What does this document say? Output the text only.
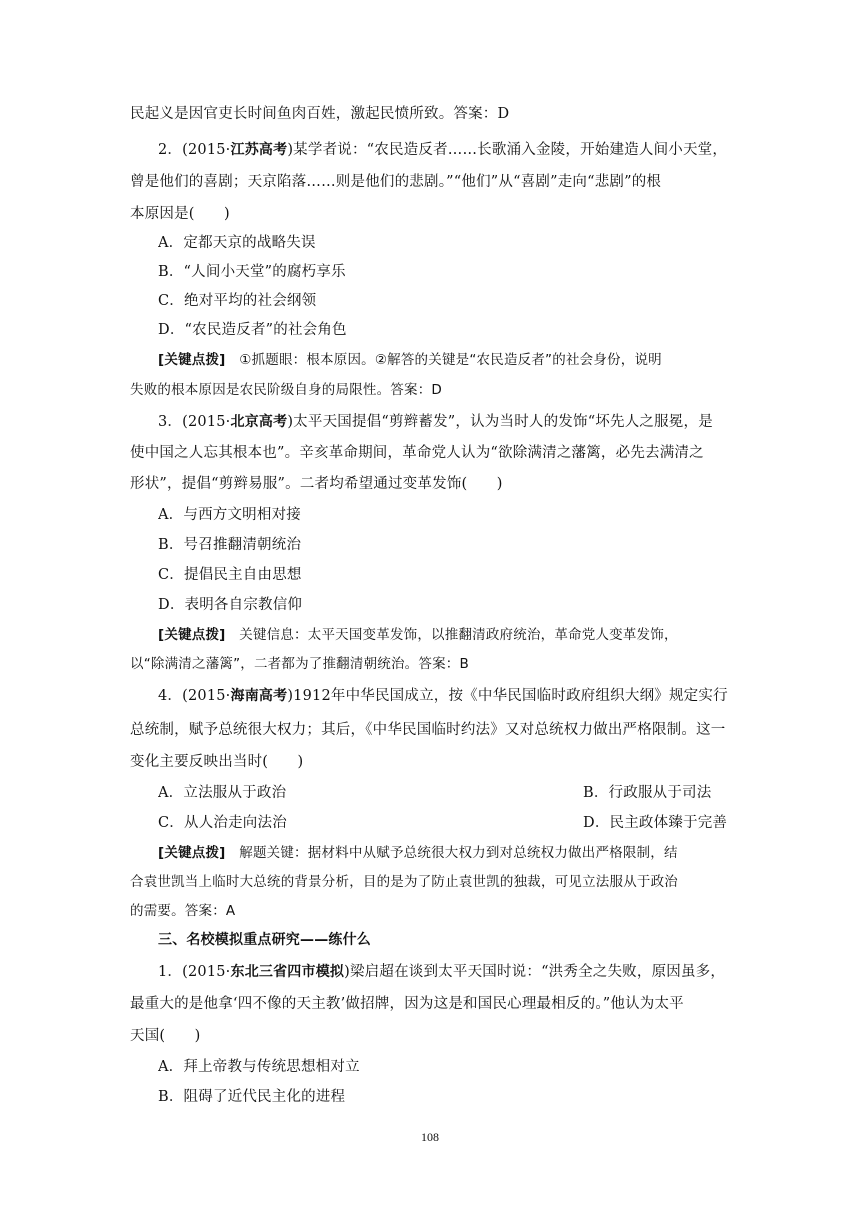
民起义是因官吏长时间鱼肉百姓，激起民愤所致。答案：D
2．(2015·江苏高考)某学者说：“农民造反者……长歌涌入金陵，开始建造人间小天堂，
曾是他们的喜剧；天京陷落……则是他们的悲剧。”“他们”从“喜剧”走向“悲剧”的根
本原因是(　　)
A．定都天京的战略失误
B．“人间小天堂”的腐朽享乐
C．绝对平均的社会纲领
D．“农民造反者”的社会角色
[关键点拨]　 ①抓题眼：根本原因。②解答的关键是“农民造反者”的社会身份，说明
失败的根本原因是农民阶级自身的局限性。答案：D
3．(2015·北京高考)太平天国提倡“剪辫蓄发”，认为当时人的发饰“坏先人之服冕，是
使中国之人忘其根本也”。辛亥革命期间，革命党人认为“欲除满清之藩篱，必先去满清之
形状”，提倡“剪辫易服”。二者均希望通过变革发饰(　　)
A．与西方文明相对接
B．号召推翻清朝统治
C．提倡民主自由思想
D．表明各自宗教信仰
[关键点拨]　 关键信息：太平天国变革发饰，以推翻清政府统治，革命党人变革发饰，
以“除满清之藩篱”，二者都为了推翻清朝统治。答案：B
4．(2015·海南高考)1912年中华民国成立，按《中华民国临时政府组织大纲》规定实行
总统制，赋予总统很大权力；其后，《中华民国临时约法》又对总统权力做出严格限制。这一
变化主要反映出当时(　　)
A．立法服从于政治	B．行政服从于司法
C．从人治走向法治	D．民主政体臻于完善
[关键点拨]　 解题关键：据材料中从赋予总统很大权力到对总统权力做出严格限制，结
合袁世凯当上临时大总统的背景分析，目的是为了防止袁世凯的独裁，可见立法服从于政治
的需要。答案：A
三、名校模拟重点研究——练什么
1．(2015·东北三省四市模拟)梁启超在谈到太平天国时说：“洪秀全之失败，原因虽多，
最重大的是他拿‘四不像的天主教’做招牌，因为这是和国民心理最相反的。”他认为太平
天国(　　)
A．拜上帝教与传统思想相对立
B．阻碍了近代民主化的进程
108
